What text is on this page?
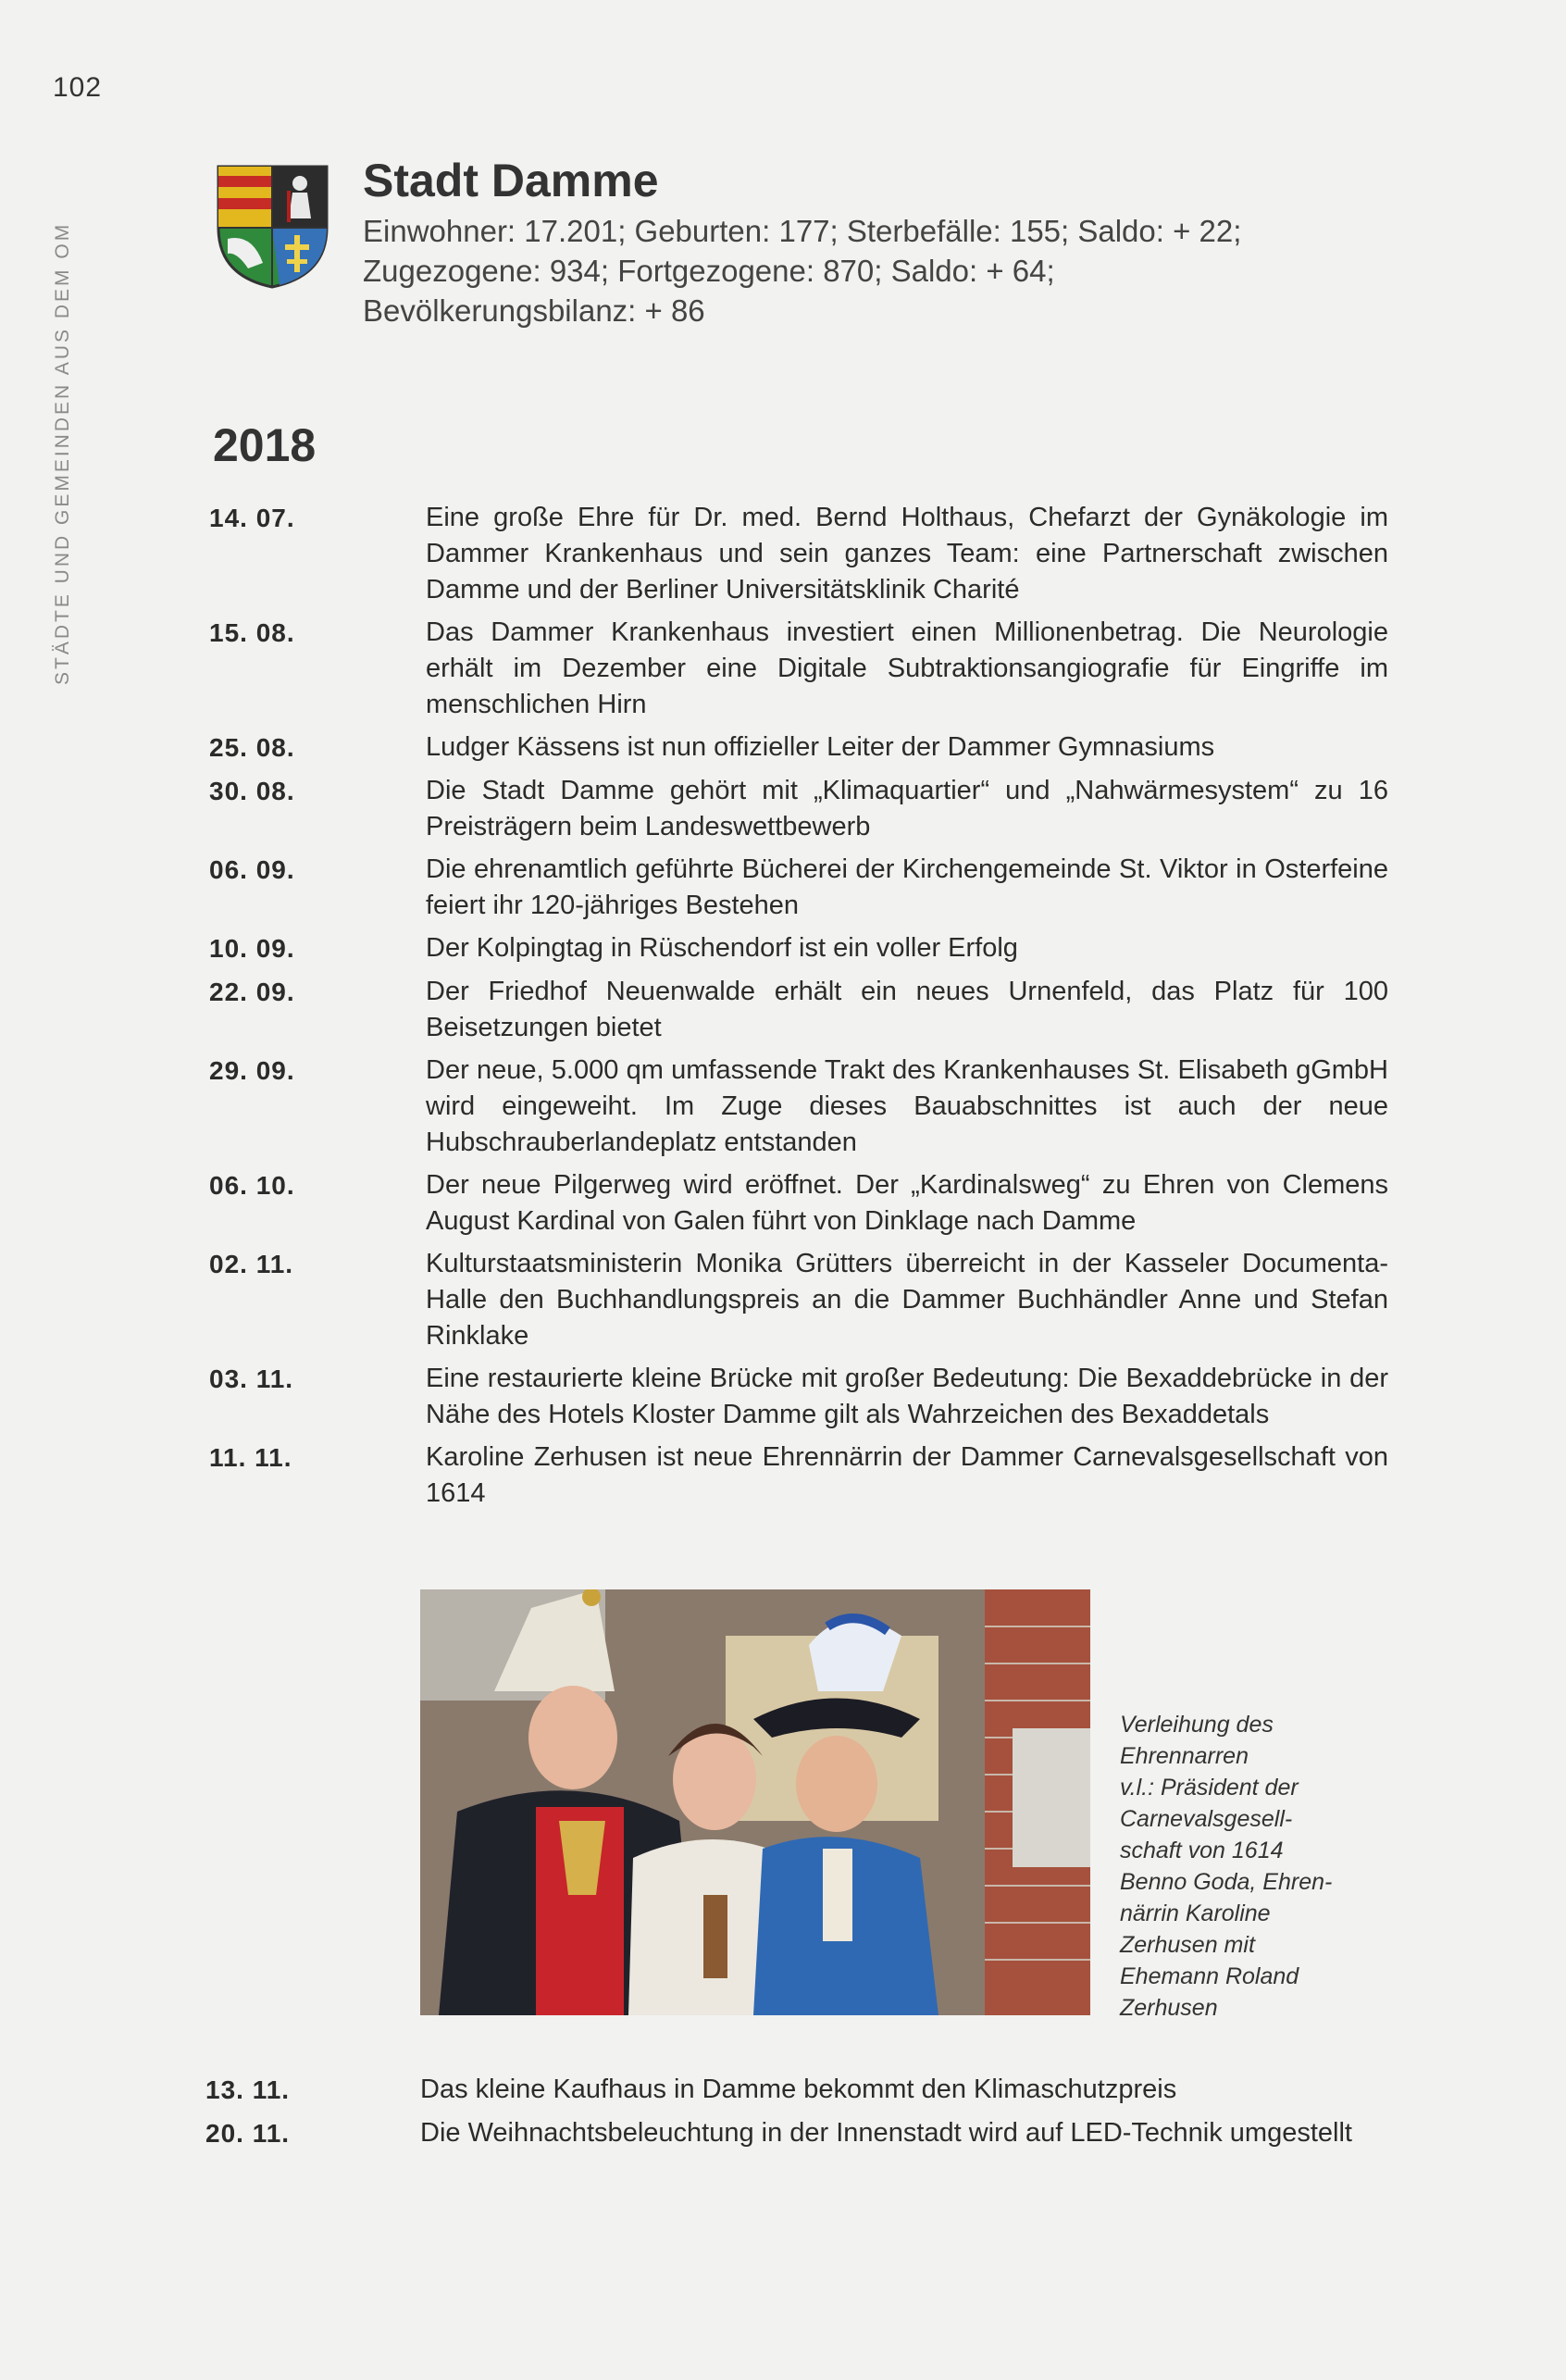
102
STÄDTE UND GEMEINDEN AUS DEM OM
Stadt Damme
Einwohner: 17.201; Geburten: 177; Sterbefälle: 155; Saldo: + 22;
Zugezogene: 934; Fortgezogene: 870; Saldo: + 64;
Bevölkerungsbilanz: + 86
2018
14. 07.	Eine große Ehre für Dr. med. Bernd Holthaus, Chefarzt der Gynäkologie im Dammer Krankenhaus und sein ganzes Team: eine Partnerschaft zwischen Damme und der Berliner Universitätsklinik Charité
15. 08.	Das Dammer Krankenhaus investiert einen Millionenbetrag. Die Neurologie erhält im Dezember eine Digitale Subtraktionsangiografie für Eingriffe im menschlichen Hirn
25. 08.	Ludger Kässens ist nun offizieller Leiter der Dammer Gymnasiums
30. 08.	Die Stadt Damme gehört mit „Klimaquartier“ und „Nahwärmesystem“ zu 16 Preisträgern beim Landeswettbewerb
06. 09.	Die ehrenamtlich geführte Bücherei der Kirchengemeinde St. Viktor in Osterfeine feiert ihr 120-jähriges Bestehen
10. 09.	Der Kolpingtag in Rüschendorf ist ein voller Erfolg
22. 09.	Der Friedhof Neuenwalde erhält ein neues Urnenfeld, das Platz für 100 Beisetzungen bietet
29. 09.	Der neue, 5.000 qm umfassende Trakt des Krankenhauses St. Elisabeth gGmbH wird eingeweiht. Im Zuge dieses Bauabschnittes ist auch der neue Hubschrauberlandeplatz entstanden
06. 10.	Der neue Pilgerweg wird eröffnet. Der „Kardinalsweg“ zu Ehren von Clemens August Kardinal von Galen führt von Dinklage nach Damme
02. 11.	Kulturstaatsministerin Monika Grütters überreicht in der Kasseler Documenta-Halle den Buchhandlungspreis an die Dammer Buchhändler Anne und Stefan Rinklake
03. 11.	Eine restaurierte kleine Brücke mit großer Bedeutung: Die Bexaddebrücke in der Nähe des Hotels Kloster Damme gilt als Wahrzeichen des Bexaddetals
11. 11.	Karoline Zerhusen ist neue Ehrennärrin der Dammer Carnevalsgesellschaft von 1614
Verleihung des
Ehrennarren
v.l.: Präsident der
Carnevalsgesell-
schaft von 1614
Benno Goda, Ehren-
närrin Karoline
Zerhusen mit
Ehemann Roland
Zerhusen
13. 11.	Das kleine Kaufhaus in Damme bekommt den Klimaschutzpreis
20. 11.	Die Weihnachtsbeleuchtung in der Innenstadt wird auf LED-Technik umgestellt
